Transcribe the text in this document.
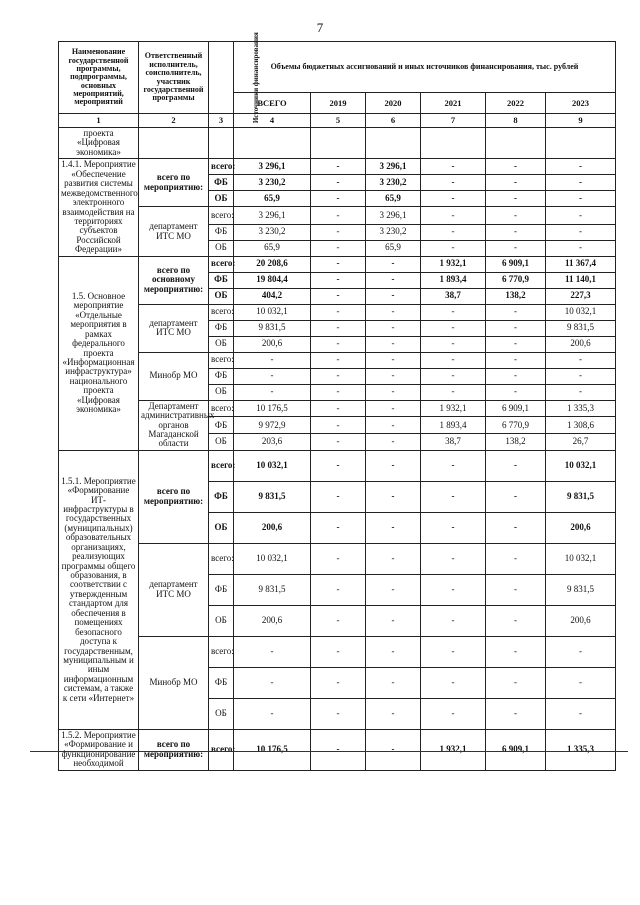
7
Наименование государственной программы, подпрограммы, основных мероприятий, мероприятий	Ответственный исполнитель, соисполнитель, участник государственной программы	Источники финансирования	Объемы бюджетных ассигнований и иных источников финансирования, тыс. рублей					
			ВСЕГО	2019	2020	2021	2022	2023
1	2	3	4	5	6	7	8	9
проекта «Цифровая экономика»								
1.4.1. Мероприятие «Обеспечение развития системы межведомственного электронного взаимодействия на территориях субъектов Российской Федерации»	всего по мероприятию:	всего:	3 296,1	-	3 296,1	-	-	-
		ФБ	3 230,2	-	3 230,2	-	-	-
		ОБ	65,9	-	65,9	-	-	-
	департамент ИТС МО	всего:	3 296,1	-	3 296,1	-	-	-
		ФБ	3 230,2	-	3 230,2	-	-	-
		ОБ	65,9	-	65,9	-	-	-
1.5. Основное мероприятие «Отдельные мероприятия в рамках федерального проекта «Информационная инфраструктура» национального проекта «Цифровая экономика»	всего по основному мероприятию:	всего:	20 208,6	-	-	1 932,1	6 909,1	11 367,4
		ФБ	19 804,4	-	-	1 893,4	6 770,9	11 140,1
		ОБ	404,2	-	-	38,7	138,2	227,3
	департамент ИТС МО	всего:	10 032,1	-	-	-	-	10 032,1
		ФБ	9 831,5	-	-	-	-	9 831,5
		ОБ	200,6	-	-	-	-	200,6
	Минобр МО	всего:	-	-	-	-	-	-
		ФБ	-	-	-	-	-	-
		ОБ	-	-	-	-	-	-
	Департамент административных органов Магаданской области	всего:	10 176,5	-	-	1 932,1	6 909,1	1 335,3
		ФБ	9 972,9	-	-	1 893,4	6 770,9	1 308,6
		ОБ	203,6	-	-	38,7	138,2	26,7
1.5.1. Мероприятие «Формирование ИТ-инфраструктуры в государственных (муниципальных) образовательных организациях, реализующих программы общего образования, в соответствии с утвержденным стандартом для обеспечения в помещениях безопасного доступа к государственным, муниципальным и иным информационным системам, а также к сети «Интернет»	всего по мероприятию:	всего:	10 032,1	-	-	-	-	10 032,1
		ФБ	9 831,5	-	-	-	-	9 831,5
		ОБ	200,6	-	-	-	-	200,6
	департамент ИТС МО	всего:	10 032,1	-	-	-	-	10 032,1
		ФБ	9 831,5	-	-	-	-	9 831,5
		ОБ	200,6	-	-	-	-	200,6
	Минобр МО	всего:	-	-	-	-	-	-
		ФБ	-	-	-	-	-	-
		ОБ	-	-	-	-	-	-
1.5.2. Мероприятие «Формирование и функционирование необходимой	всего по мероприятию:	всего:	10 176,5	-	-	1 932,1	6 909,1	1 335,3
